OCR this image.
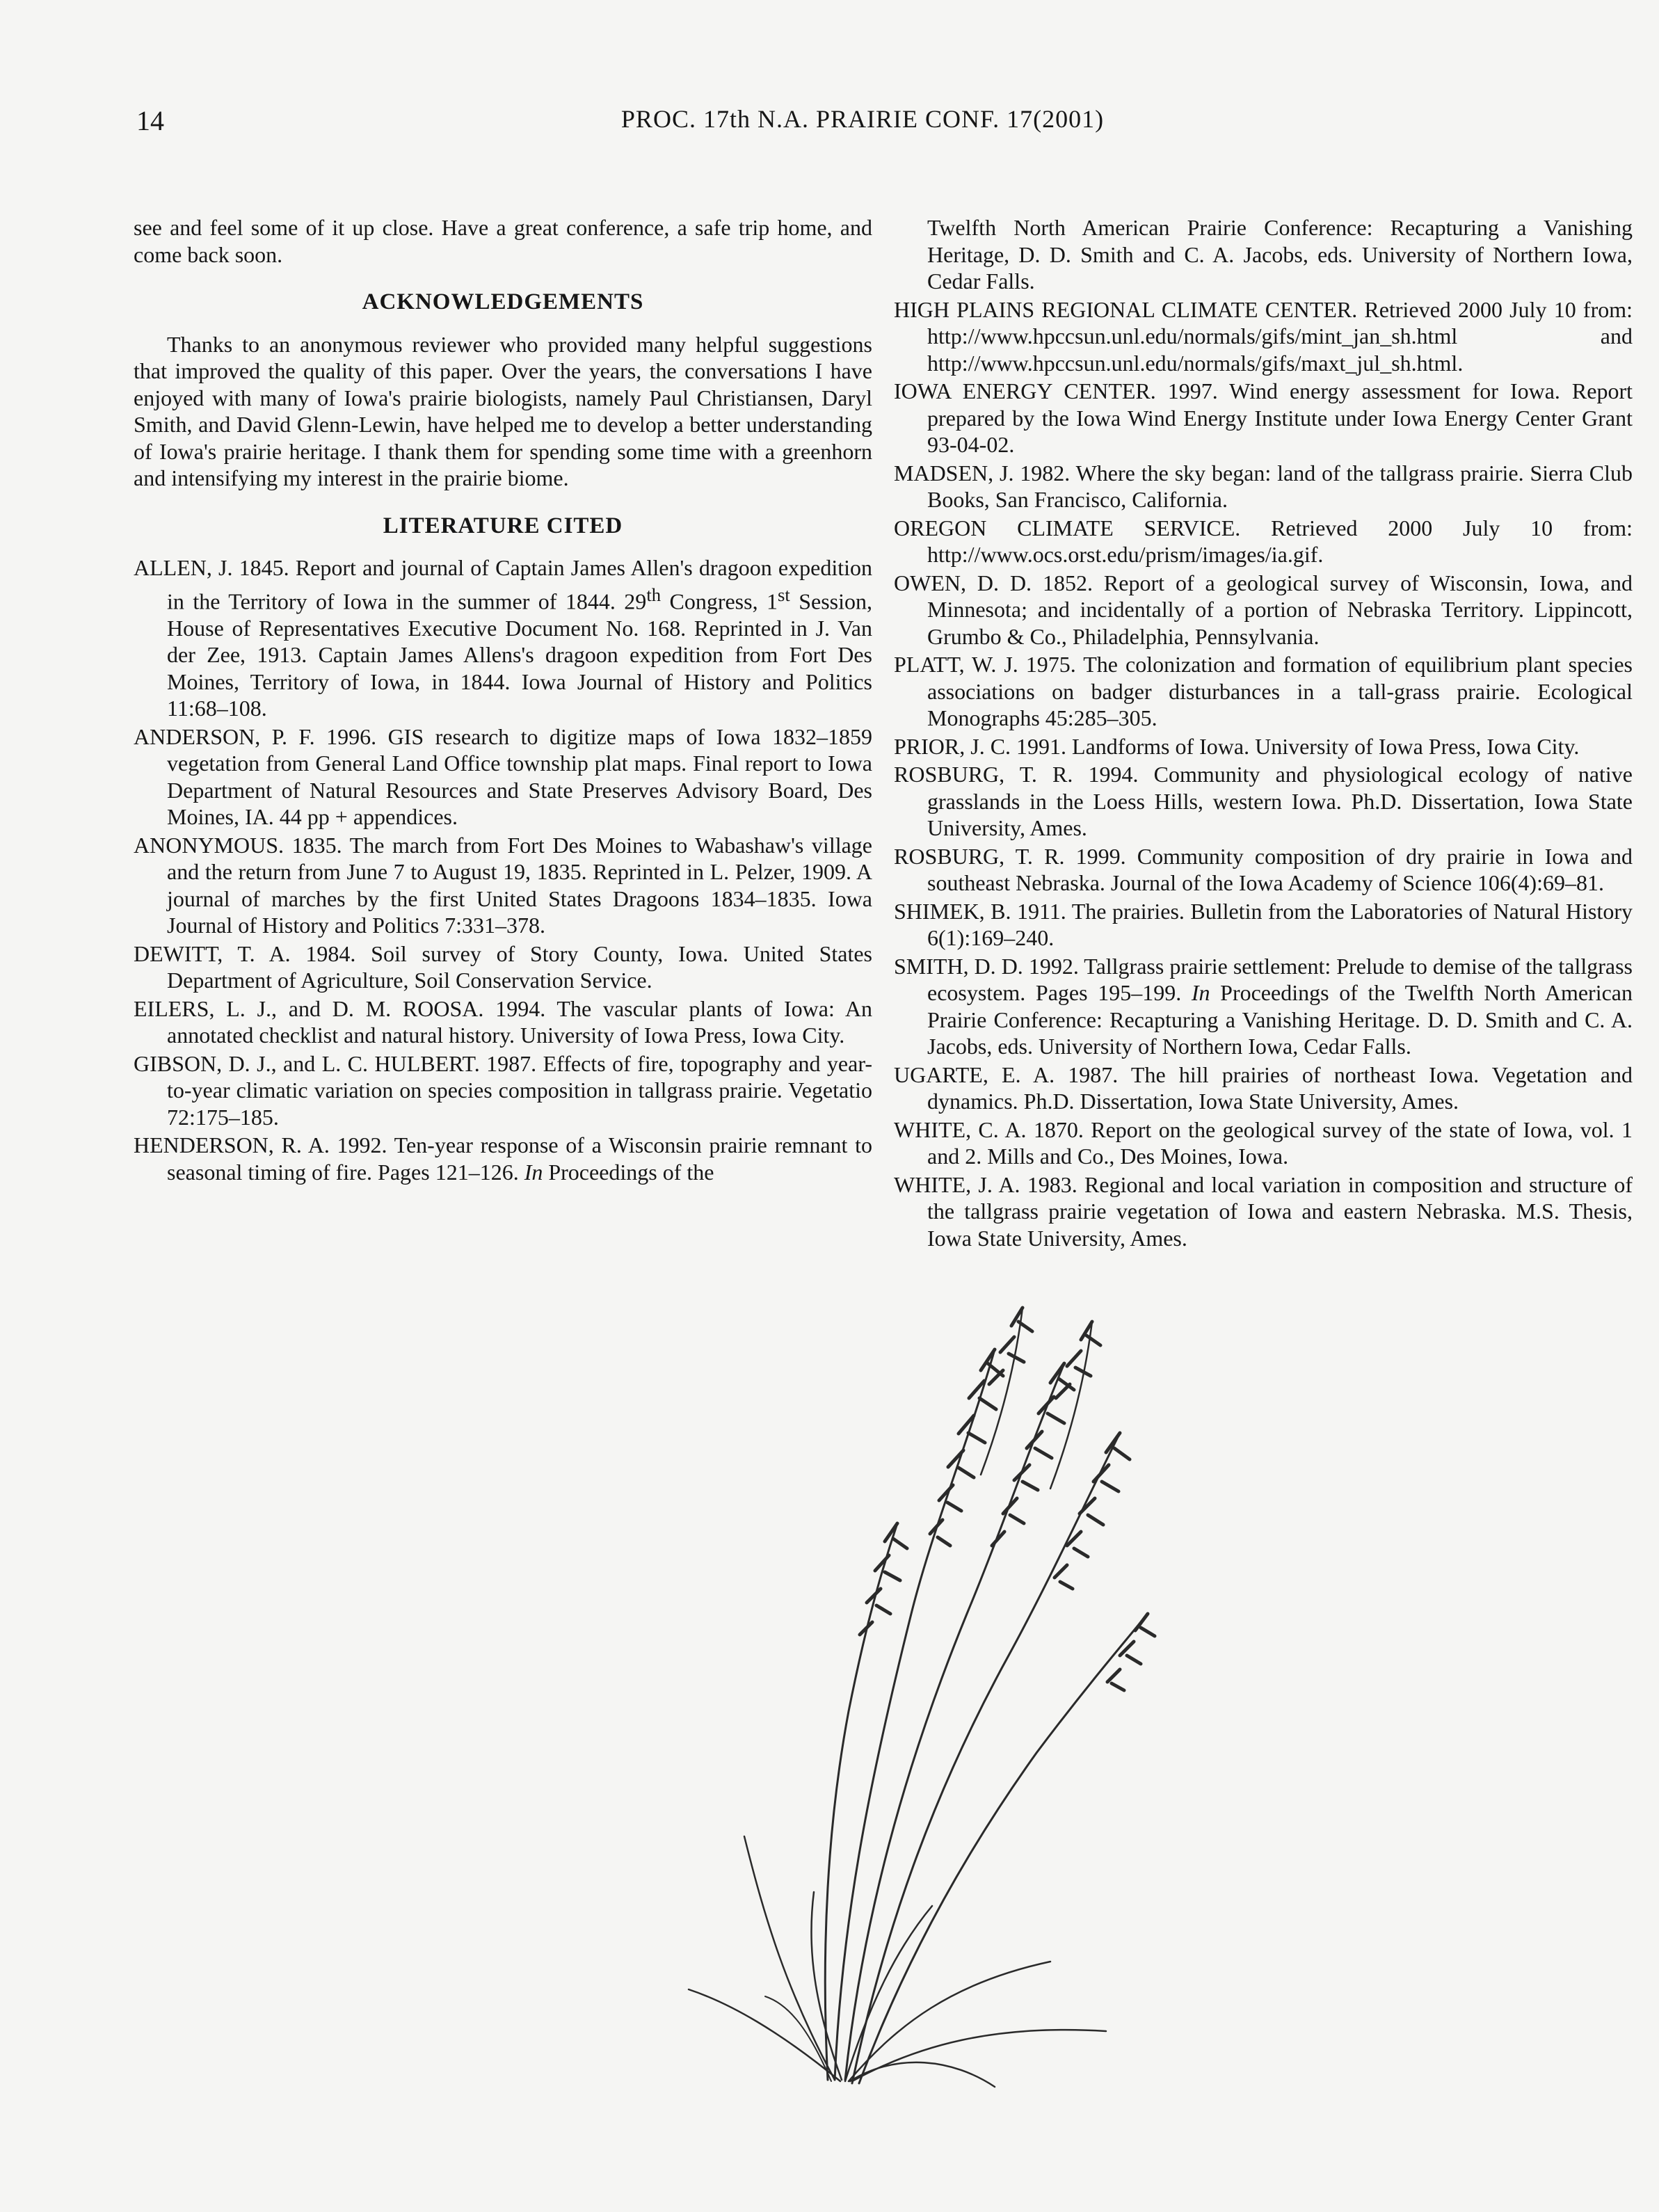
14	PROC. 17th N.A. PRAIRIE CONF. 17(2001)

see and feel some of it up close. Have a great conference, a safe trip home, and come back soon.

ACKNOWLEDGEMENTS

Thanks to an anonymous reviewer who provided many helpful suggestions that improved the quality of this paper. Over the years, the conversations I have enjoyed with many of Iowa's prairie biologists, namely Paul Christiansen, Daryl Smith, and David Glenn-Lewin, have helped me to develop a better understanding of Iowa's prairie heritage. I thank them for spending some time with a greenhorn and intensifying my interest in the prairie biome.

LITERATURE CITED

ALLEN, J. 1845. Report and journal of Captain James Allen's dragoon expedition in the Territory of Iowa in the summer of 1844. 29th Congress, 1st Session, House of Representatives Executive Document No. 168. Reprinted in J. Van der Zee, 1913. Captain James Allens's dragoon expedition from Fort Des Moines, Territory of Iowa, in 1844. Iowa Journal of History and Politics 11:68–108.

ANDERSON, P. F. 1996. GIS research to digitize maps of Iowa 1832–1859 vegetation from General Land Office township plat maps. Final report to Iowa Department of Natural Resources and State Preserves Advisory Board, Des Moines, IA. 44 pp + appendices.

ANONYMOUS. 1835. The march from Fort Des Moines to Wabashaw's village and the return from June 7 to August 19, 1835. Reprinted in L. Pelzer, 1909. A journal of marches by the first United States Dragoons 1834–1835. Iowa Journal of History and Politics 7:331–378.

DEWITT, T. A. 1984. Soil survey of Story County, Iowa. United States Department of Agriculture, Soil Conservation Service.

EILERS, L. J., and D. M. ROOSA. 1994. The vascular plants of Iowa: An annotated checklist and natural history. University of Iowa Press, Iowa City.

GIBSON, D. J., and L. C. HULBERT. 1987. Effects of fire, topography and year-to-year climatic variation on species composition in tallgrass prairie. Vegetatio 72:175–185.

HENDERSON, R. A. 1992. Ten-year response of a Wisconsin prairie remnant to seasonal timing of fire. Pages 121–126. In Proceedings of the

Twelfth North American Prairie Conference: Recapturing a Vanishing Heritage, D. D. Smith and C. A. Jacobs, eds. University of Northern Iowa, Cedar Falls.

HIGH PLAINS REGIONAL CLIMATE CENTER. Retrieved 2000 July 10 from: http://www.hpccsun.unl.edu/normals/gifs/mint_jan_sh.html and http://www.hpccsun.unl.edu/normals/gifs/maxt_jul_sh.html.

IOWA ENERGY CENTER. 1997. Wind energy assessment for Iowa. Report prepared by the Iowa Wind Energy Institute under Iowa Energy Center Grant 93-04-02.

MADSEN, J. 1982. Where the sky began: land of the tallgrass prairie. Sierra Club Books, San Francisco, California.

OREGON CLIMATE SERVICE. Retrieved 2000 July 10 from: http://www.ocs.orst.edu/prism/images/ia.gif.

OWEN, D. D. 1852. Report of a geological survey of Wisconsin, Iowa, and Minnesota; and incidentally of a portion of Nebraska Territory. Lippincott, Grumbo & Co., Philadelphia, Pennsylvania.

PLATT, W. J. 1975. The colonization and formation of equilibrium plant species associations on badger disturbances in a tall-grass prairie. Ecological Monographs 45:285–305.

PRIOR, J. C. 1991. Landforms of Iowa. University of Iowa Press, Iowa City.

ROSBURG, T. R. 1994. Community and physiological ecology of native grasslands in the Loess Hills, western Iowa. Ph.D. Dissertation, Iowa State University, Ames.

ROSBURG, T. R. 1999. Community composition of dry prairie in Iowa and southeast Nebraska. Journal of the Iowa Academy of Science 106(4):69–81.

SHIMEK, B. 1911. The prairies. Bulletin from the Laboratories of Natural History 6(1):169–240.

SMITH, D. D. 1992. Tallgrass prairie settlement: Prelude to demise of the tallgrass ecosystem. Pages 195–199. In Proceedings of the Twelfth North American Prairie Conference: Recapturing a Vanishing Heritage. D. D. Smith and C. A. Jacobs, eds. University of Northern Iowa, Cedar Falls.

UGARTE, E. A. 1987. The hill prairies of northeast Iowa. Vegetation and dynamics. Ph.D. Dissertation, Iowa State University, Ames.

WHITE, C. A. 1870. Report on the geological survey of the state of Iowa, vol. 1 and 2. Mills and Co., Des Moines, Iowa.

WHITE, J. A. 1983. Regional and local variation in composition and structure of the tallgrass prairie vegetation of Iowa and eastern Nebraska. M.S. Thesis, Iowa State University, Ames.
